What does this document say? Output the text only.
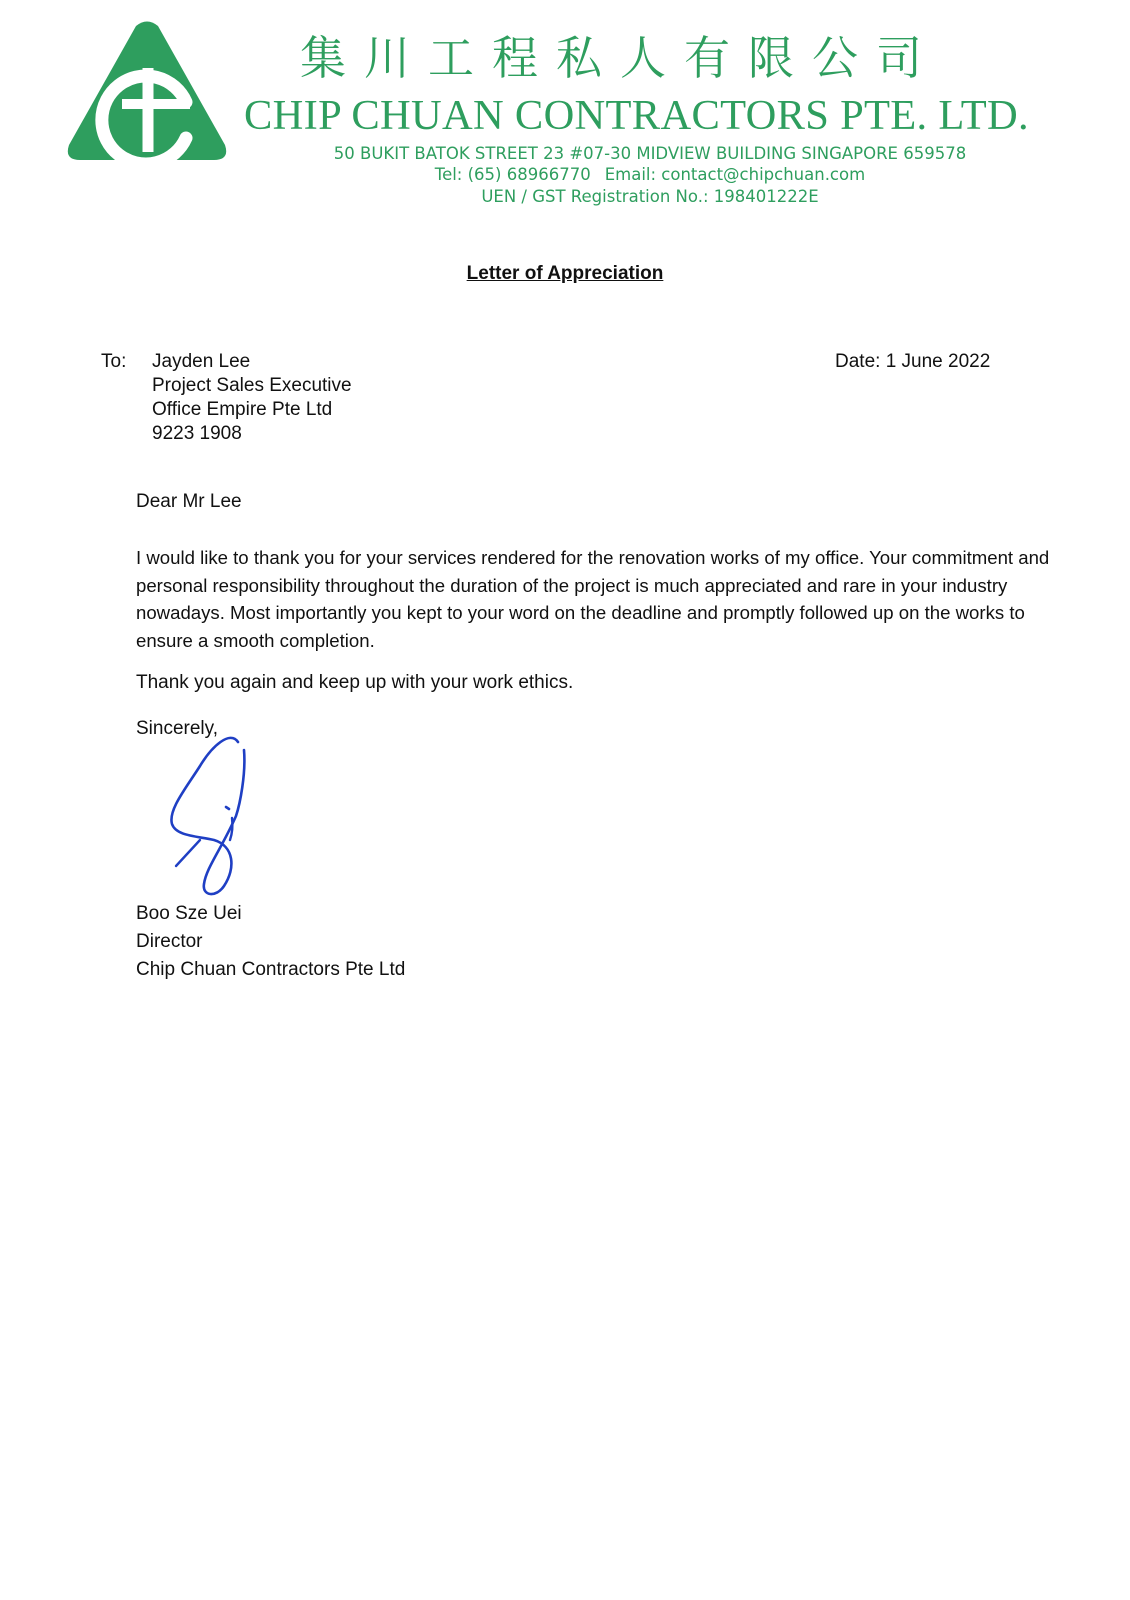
集川工程私人有限公司
CHIP CHUAN CONTRACTORS PTE. LTD.
50 BUKIT BATOK STREET 23 #07-30 MIDVIEW BUILDING SINGAPORE 659578
Tel: (65) 68966770 Email: contact@chipchuan.com
UEN / GST Registration No.: 198401222E
Letter of Appreciation
To: Jayden Lee
Project Sales Executive
Office Empire Pte Ltd
9223 1908
Date: 1 June 2022
Dear Mr Lee

I would like to thank you for your services rendered for the renovation works of my office. Your commitment and personal responsibility throughout the duration of the project is much appreciated and rare in your industry nowadays. Most importantly you kept to your word on the deadline and promptly followed up on the works to ensure a smooth completion.

Thank you again and keep up with your work ethics.
Sincerely,
Boo Sze Uei
Director
Chip Chuan Contractors Pte Ltd
